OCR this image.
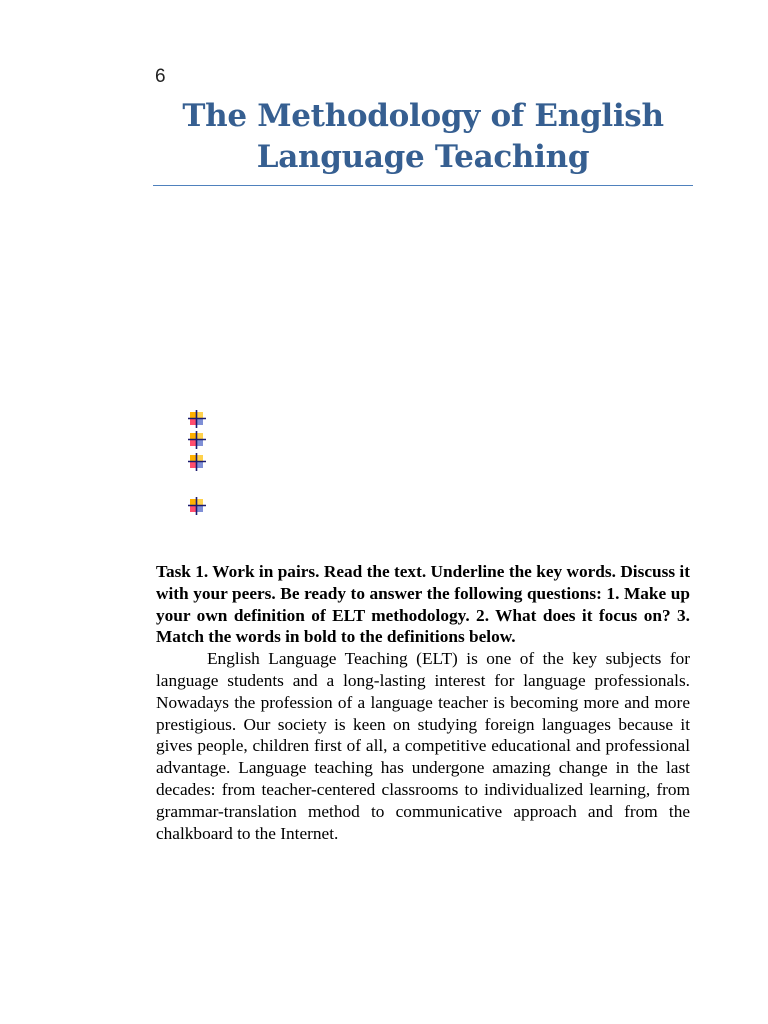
6
The Methodology of English Language Teaching

Task 1. Work in pairs. Read the text. Underline the key words. Discuss it with your peers. Be ready to answer the following questions: 1. Make up your own definition of ELT methodology. 2. What does it focus on? 3. Match the words in bold to the definitions below.

English Language Teaching (ELT) is one of the key subjects for language students and a long-lasting interest for language professionals. Nowadays the profession of a language teacher is becoming more and more prestigious. Our society is keen on studying foreign languages because it gives people, children first of all, a competitive educational and professional advantage. Language teaching has undergone amazing change in the last decades: from teacher-centered classrooms to individualized learning, from grammar-translation method to communicative approach and from the chalkboard to the Internet.
